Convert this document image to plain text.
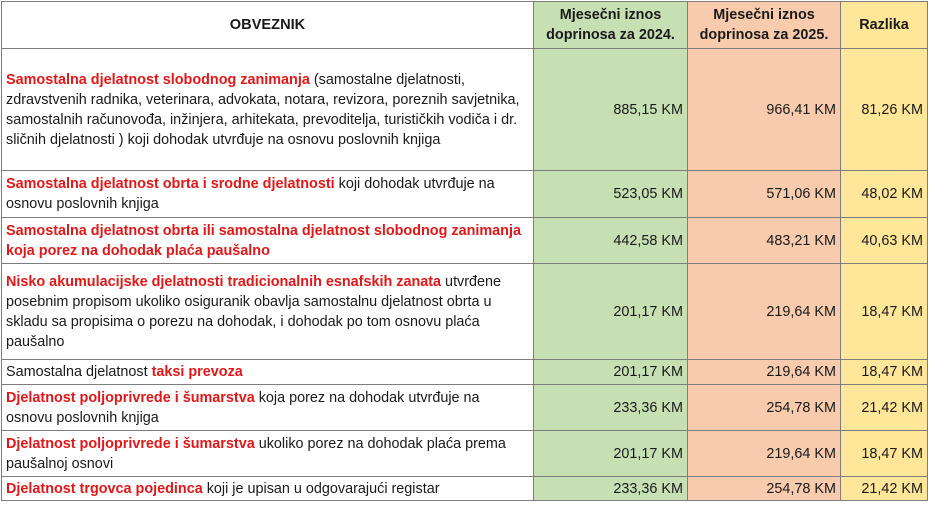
OBVEZNIK	Mjesečni iznos doprinosa za 2024.	Mjesečni iznos doprinosa za 2025.	Razlika
Samostalna djelatnost slobodnog zanimanja (samostalne djelatnosti, zdravstvenih radnika, veterinara, advokata, notara, revizora, poreznih savjetnika, samostalnih računovođa, inžinjera, arhitekata, prevoditelja, turističkih vodiča i dr. sličnih djelatnosti ) koji dohodak utvrđuje na osnovu poslovnih knjiga	885,15 KM	966,41 KM	81,26 KM
Samostalna djelatnost obrta i srodne djelatnosti koji dohodak utvrđuje na osnovu poslovnih knjiga	523,05 KM	571,06 KM	48,02 KM
Samostalna djelatnost obrta ili samostalna djelatnost slobodnog zanimanja koja porez na dohodak plaća paušalno	442,58 KM	483,21 KM	40,63 KM
Nisko akumulacijske djelatnosti tradicionalnih esnafskih zanata utvrđene posebnim propisom ukoliko osiguranik obavlja samostalnu djelatnost obrta u skladu sa propisima o porezu na dohodak, i dohodak po tom osnovu plaća paušalno	201,17 KM	219,64 KM	18,47 KM
Samostalna djelatnost taksi prevoza	201,17 KM	219,64 KM	18,47 KM
Djelatnost poljoprivrede i šumarstva koja porez na dohodak utvrđuje na osnovu poslovnih knjiga	233,36 KM	254,78 KM	21,42 KM
Djelatnost poljoprivrede i šumarstva ukoliko porez na dohodak plaća prema paušalnoj osnovi	201,17 KM	219,64 KM	18,47 KM
Djelatnost trgovca pojedinca koji je upisan u odgovarajući registar	233,36 KM	254,78 KM	21,42 KM
